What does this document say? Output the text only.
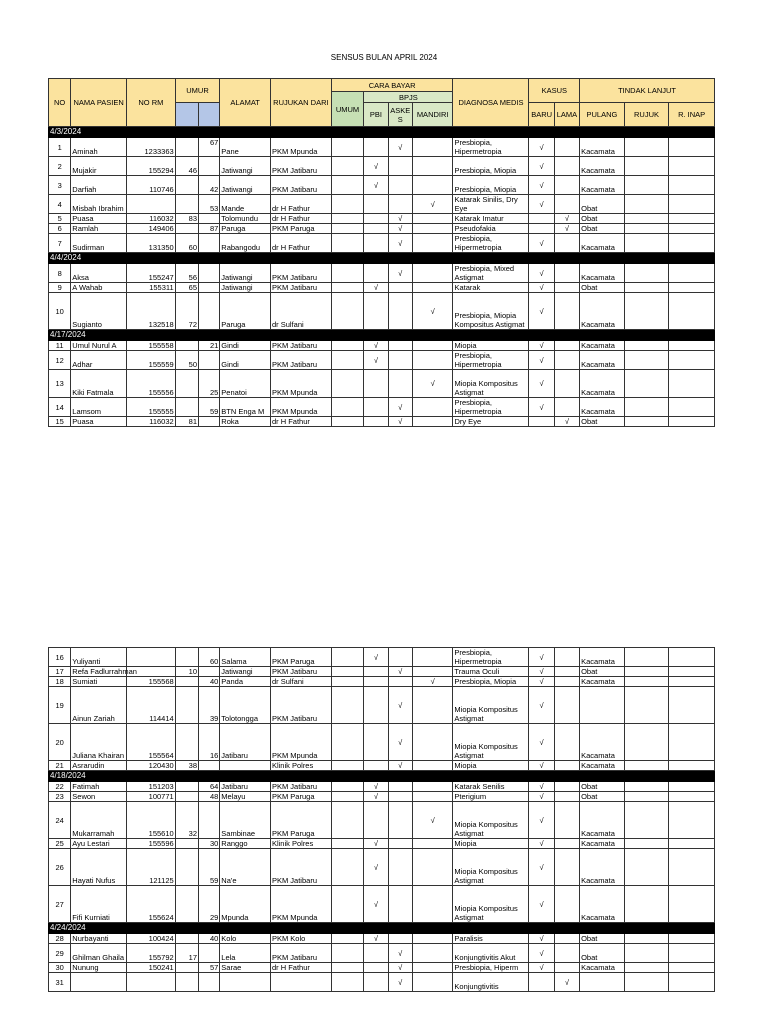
SENSUS BULAN APRIL 2024
NO	NAMA PASIEN	NO RM	UMUR		ALAMAT	RUJUKAN DARI	CARA BAYAR				DIAGNOSA MEDIS	KASUS		TINDAK LANJUT		
							UMUM	BPJS								
								PBI	ASKE S	MANDIRI		BARU	LAMA	PULANG	RUJUK	R. INAP
4/3/2024																
1	Aminah	1233363		67	Pane	PKM Mpunda			√		Presbiopia, Hipermetropia	√		Kacamata		
2	Mujakir	155294	46		Jatiwangi	PKM Jatibaru		√			Presbiopia, Miopia	√		Kacamata		
3	Darfiah	110746		42	Jatiwangi	PKM Jatibaru		√			Presbiopia, Miopia	√		Kacamata		
4	Misbah Ibrahim			53	Mande	dr H Fathur				√	Katarak Sinilis, Dry Eye	√		Obat		
5	Puasa	116032	83		Tolomundu	dr H Fathur			√		Katarak Imatur		√	Obat		
6	Ramlah	149406		87	Paruga	PKM Paruga			√		Pseudofakia		√	Obat		
7	Sudirman	131350	60		Rabangodu	dr H Fathur			√		Presbiopia, Hipermetropia	√		Kacamata		
4/4/2024																
8	Aksa	155247	56		Jatiwangi	PKM Jatibaru			√		Presbiopia, Mixed Astigmat	√		Kacamata		
9	A Wahab	155311	65		Jatiwangi	PKM Jatibaru		√			Katarak	√		Obat		
10	Sugianto	132518	72		Paruga	dr Sulfani				√	Presbiopia, Miopia Kompositus Astigmat	√		Kacamata		
4/17/2024																
11	Umul Nurul A	155558		21	Gindi	PKM Jatibaru		√			Miopia	√		Kacamata		
12	Adhar	155559	50		Gindi	PKM Jatibaru		√			Presbiopia, Hipermetropia	√		Kacamata		
13	Kiki Fatmala	155556		25	Penatoi	PKM Mpunda				√	Miopia Kompositus Astigmat	√		Kacamata		
14	Lamsom	155555		59	BTN Enga M	PKM Mpunda			√		Presbiopia, Hipermetropia	√		Kacamata		
15	Puasa	116032	81		Roka	dr H Fathur			√		Dry Eye		√	Obat		
16	Yuliyanti			60	Salama	PKM Paruga		√			Presbiopia, Hipermetropia	√		Kacamata		
17	Refa Fadlurrahman		10		Jatiwangi	PKM Jatibaru			√		Trauma Oculi	√		Obat		
18	Sumiati	155568		40	Panda	dr Sulfani				√	Presbiopia, Miopia	√		Kacamata		
19	Ainun Zariah	114414		39	Tolotongga	PKM Jatibaru			√		Miopia Kompositus Astigmat	√				
20	Juliana Khairan	155564		16	Jatibaru	PKM Mpunda			√		Miopia Kompositus Astigmat	√		Kacamata		
21	Asrarudin	120430	38			Klinik Polres			√		Miopia	√		Kacamata		
4/18/2024																
22	Fatimah	151203		64	Jatibaru	PKM Jatibaru		√			Katarak Senilis	√		Obat		
23	Sewon	100771		48	Melayu	PKM Paruga		√			Pterigium	√		Obat		
24	Mukarramah	155610	32		Sambinae	PKM Paruga				√	Miopia Kompositus Astigmat	√		Kacamata		
25	Ayu Lestari	155596		30	Ranggo	Klinik Polres		√			Miopia	√		Kacamata		
26	Hayati Nufus	121125		59	Na'e	PKM Jatibaru		√			Miopia Kompositus Astigmat	√		Kacamata		
27	Fifi Kurniati	155624		29	Mpunda	PKM Mpunda		√			Miopia Kompositus Astigmat	√		Kacamata		
4/24/2024																
28	Nurbayanti	100424		40	Kolo	PKM Kolo		√			Paralisis	√		Obat		
29	Ghilman Ghaila	155792	17		Lela	PKM Jatibaru			√		Konjungtivitis Akut	√		Obat		
30	Nunung	150241		57	Sarae	dr H Fathur			√		Presbiopia, Hiperm	√		Kacamata		
31									√		Konjungtivitis		√			
